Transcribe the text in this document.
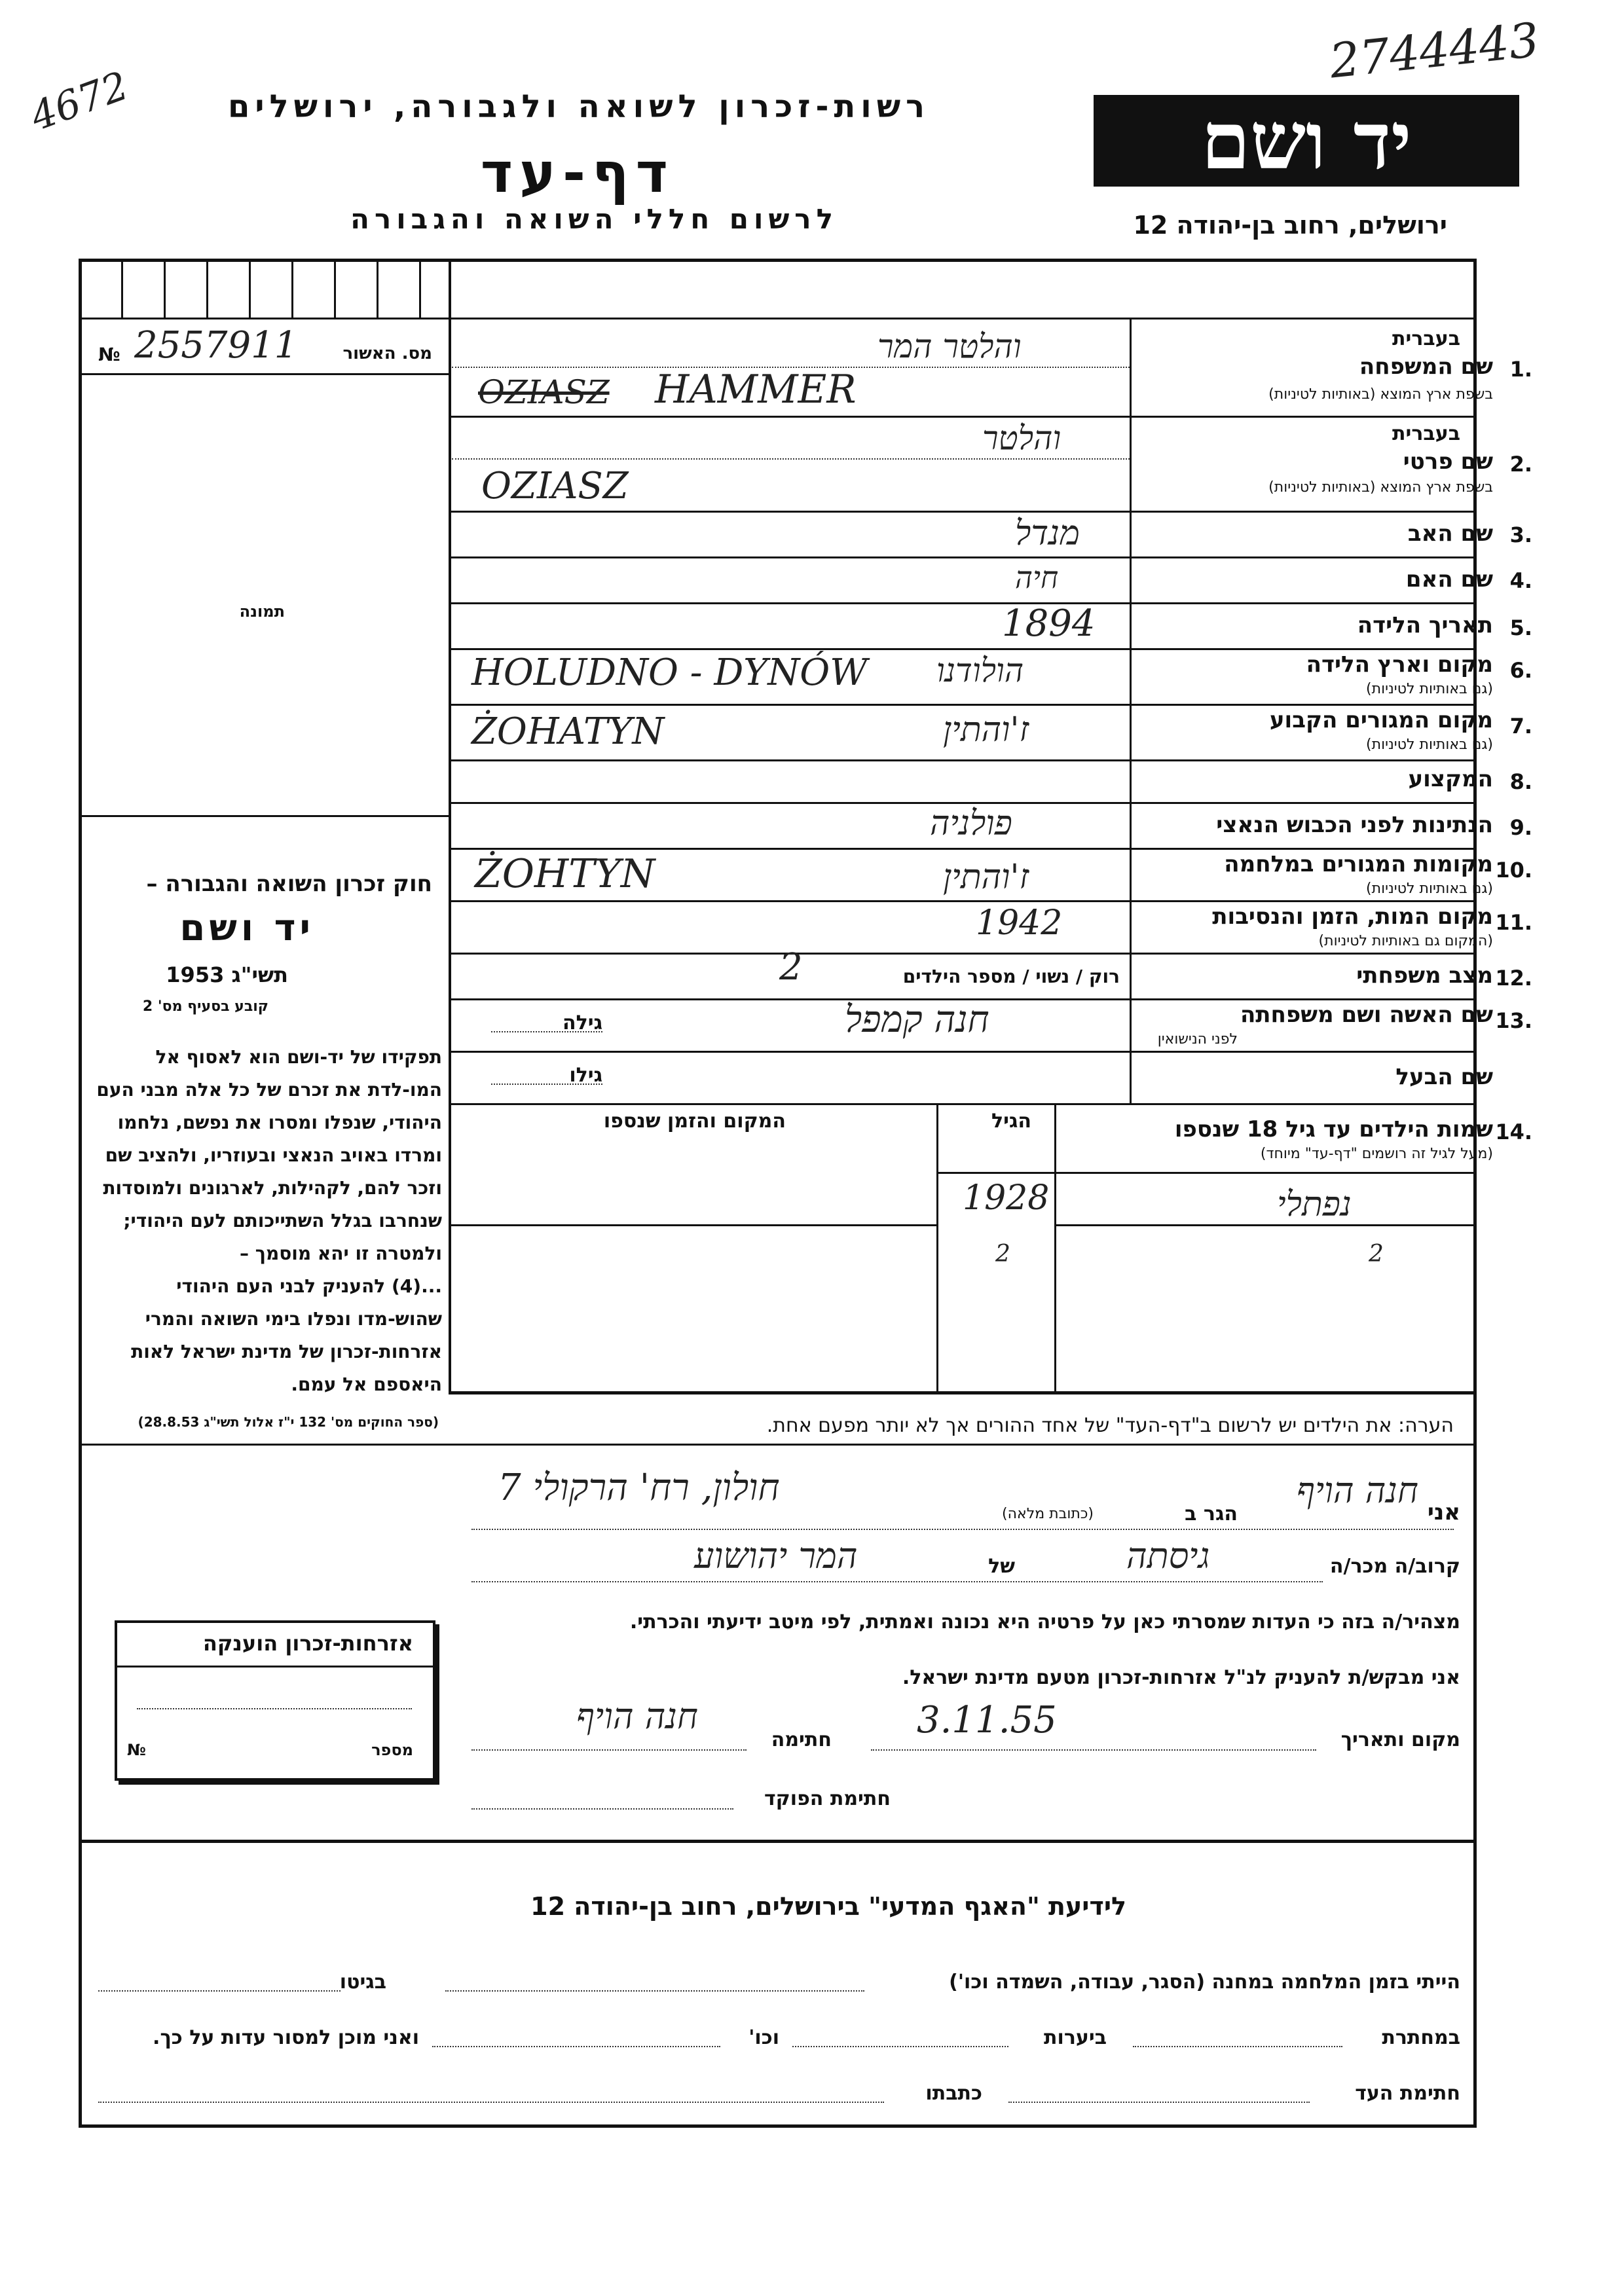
4672
2744443
רשות-זכרון לשואה ולגבורה, ירושלים
דף-עד
לרשום חללי השואה והגבורה
יד ושם
ירושלים, רחוב בן-יהודה 12
מס. האשור
2557911
№
תמונה
חוק זכרון השואה והגבורה –
יד ושם
תשי"ג 1953
קובע בסעיף מס' 2
תפקידו של יד-ושם הוא לאסוף אל המו-לדת את זכרם של כל אלה מבני העם היהודי, שנפלו ומסרו את נפשם, נלחמו ומרדו באויב הנאצי ובעוזריו, ולהציב שם וזכר להם, לקהילות, לארגונים ולמוסדות שנחרבו בגלל השתייכותם לעם היהודי; ולמטרה זו יהא מוסמך –
...(4) להעניק לבני העם היהודי שהוש-מדו ונפלו בימי השואה והמרי אזרחות-זכרון של מדינת ישראל לאות היאספם אל עמם.
(ספר החוקים מס' 132 י"ז אלול תשי"ג 28.8.53)
בעברית
1.
שם המשפחה
בשפת ארץ המוצא (באותיות לטיניות)
והלטר המר
OZIASZ HAMMER
בעברית
2.
שם פרטי
בשפת ארץ המוצא (באותיות לטיניות)
והלטר
OZIASZ
3.
שם האב
מנדל
4.
שם האם
חיה
5.
תאריך הלידה
1894
6.
מקום וארץ הלידה
(גם באותיות לטיניות)
הולודנו
HOLUDNO - DYNÓW
7.
מקום המגורים הקבוע
(גם באותיות לטיניות)
ז'והתין
ŻOHATYN
8.
המקצוע
9.
הנתינות לפני הכבוש הנאצי
פולניה
10.
מקומות המגורים במלחמה
(גם באותיות לטיניות)
ז'והתין
ŻOHTYN
11.
מקום המות, הזמן והנסיבות
(המקום גם באותיות לטיניות)
1942
12.
מצב משפחתי
רוק / נשוי / מספר הילדים
2
13.
שם האשה ושם משפחתה
לפני הנישואין
חנה קמפל
גילה
שם הבעל
גילו
14.
שמות הילדים עד גיל 18 שנספו
(מעל לגיל זה רושמים "דף-עד" מיוחד)
הגיל
המקום והזמן שנספו
נפתלי
1928
2
2
הערה: את הילדים יש לרשום ב"דף-העד" של אחד ההורים אך לא יותר מפעם אחת.
אני
חנה הויף
הגר ב
(כתובת מלאה)
חולון, רח' הרקולי 7
קרוב/ה מכר/ה
גיסתה
של
המר יהושוע
מצהיר/ה בזה כי העדות שמסרתי כאן על פרטיה היא נכונה ואמתית, לפי מיטב ידיעתי והכרתי.
אני מבקש/ת להעניק לנ"ל אזרחות-זכרון מטעם מדינת ישראל.
מקום ותאריך
3.11.55
חתימה
חנה הויף
חתימת הפוקד
אזרחות-זכרון הוענקה
מספר
№
לידיעת "האגף המדעי" בירושלים, רחוב בן-יהודה 12
הייתי בזמן המלחמה במחנה (הסגר, עבודה, השמדה וכו')
בגיטו
במחתרת
ביערות
וכו'
ואני מוכן למסור עדות על כך.
חתימת העד
כתבתו
